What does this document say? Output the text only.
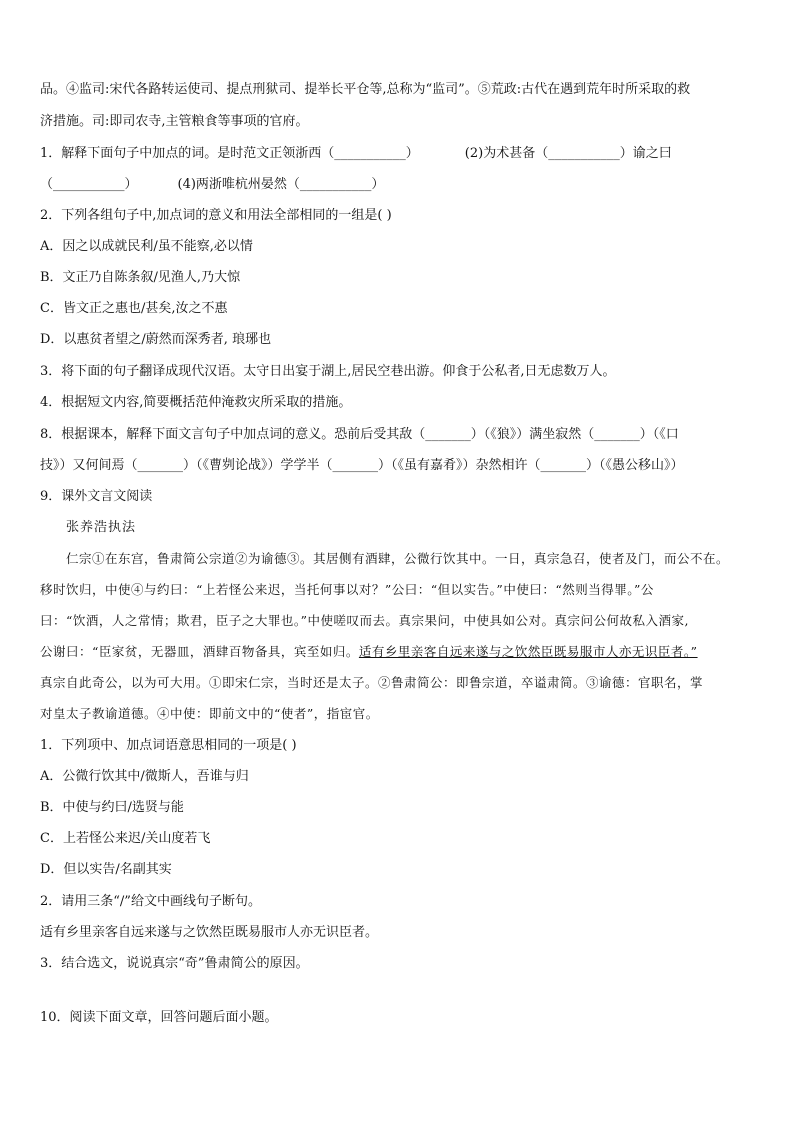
品。④监司:宋代各路转运使司、提点刑狱司、提举长平仓等,总称为“监司”。⑤荒政:古代在遇到荒年时所采取的救
济措施。司:即司农寺,主管粮食等事项的官府。
1．解释下面句子中加点的词。是时范文正领浙西（___________）	(2)为术甚备（___________）谕之曰
（___________）	(4)两浙唯杭州晏然（___________）
2．下列各组句子中,加点词的意义和用法全部相同的一组是( )
A．因之以成就民利/虽不能察,必以情
B．文正乃自陈条叙/见渔人,乃大惊
C．皆文正之惠也/甚矣,汝之不惠
D．以惠贫者望之/蔚然而深秀者, 琅琊也
3．将下面的句子翻译成现代汉语。太守日出宴于湖上,居民空巷出游。仰食于公私者,日无虑数万人。
4．根据短文内容,简要概括范仲淹救灾所采取的措施。
8．根据课本，解释下面文言句子中加点词的意义。恐前后受其敌（_______）（《狼》）满坐寂然（_______）（《口
技》）又何间焉（_______）（《曹刿论战》）学学半（_______）（《虽有嘉肴》）杂然相许（_______）（《愚公移山》）
9．课外文言文阅读
张养浩执法
仁宗①在东宫，鲁肃简公宗道②为谕德③。其居侧有酒肆，公微行饮其中。一日，真宗急召，使者及门，而公不在。
移时饮归，中使④与约曰：“上若怪公来迟，当托何事以对？”公曰：“但以实告。”中使曰：“然则当得罪。”公
曰：“饮酒，人之常情；欺君，臣子之大罪也。”中使嗟叹而去。真宗果问，中使具如公对。真宗问公何故私入酒家,
公谢曰：“臣家贫，无器皿，酒肆百物备具，宾至如归。适有乡里亲客自远来遂与之饮然臣既易服市人亦无识臣者。”
真宗自此奇公，以为可大用。①即宋仁宗，当时还是太子。②鲁肃简公：即鲁宗道，卒谥肃简。③谕德：官职名，掌
对皇太子教谕道德。④中使：即前文中的“使者”，指宦官。
1．下列项中、加点词语意思相同的一项是( )
A．公微行饮其中/微斯人，吾谁与归
B．中使与约曰/选贤与能
C．上若怪公来迟/关山度若飞
D．但以实告/名副其实
2．请用三条“/”给文中画线句子断句。
适有乡里亲客自远来遂与之饮然臣既易服市人亦无识臣者。
3．结合选文，说说真宗“奇”鲁肃简公的原因。
10．阅读下面文章，回答问题后面小题。
